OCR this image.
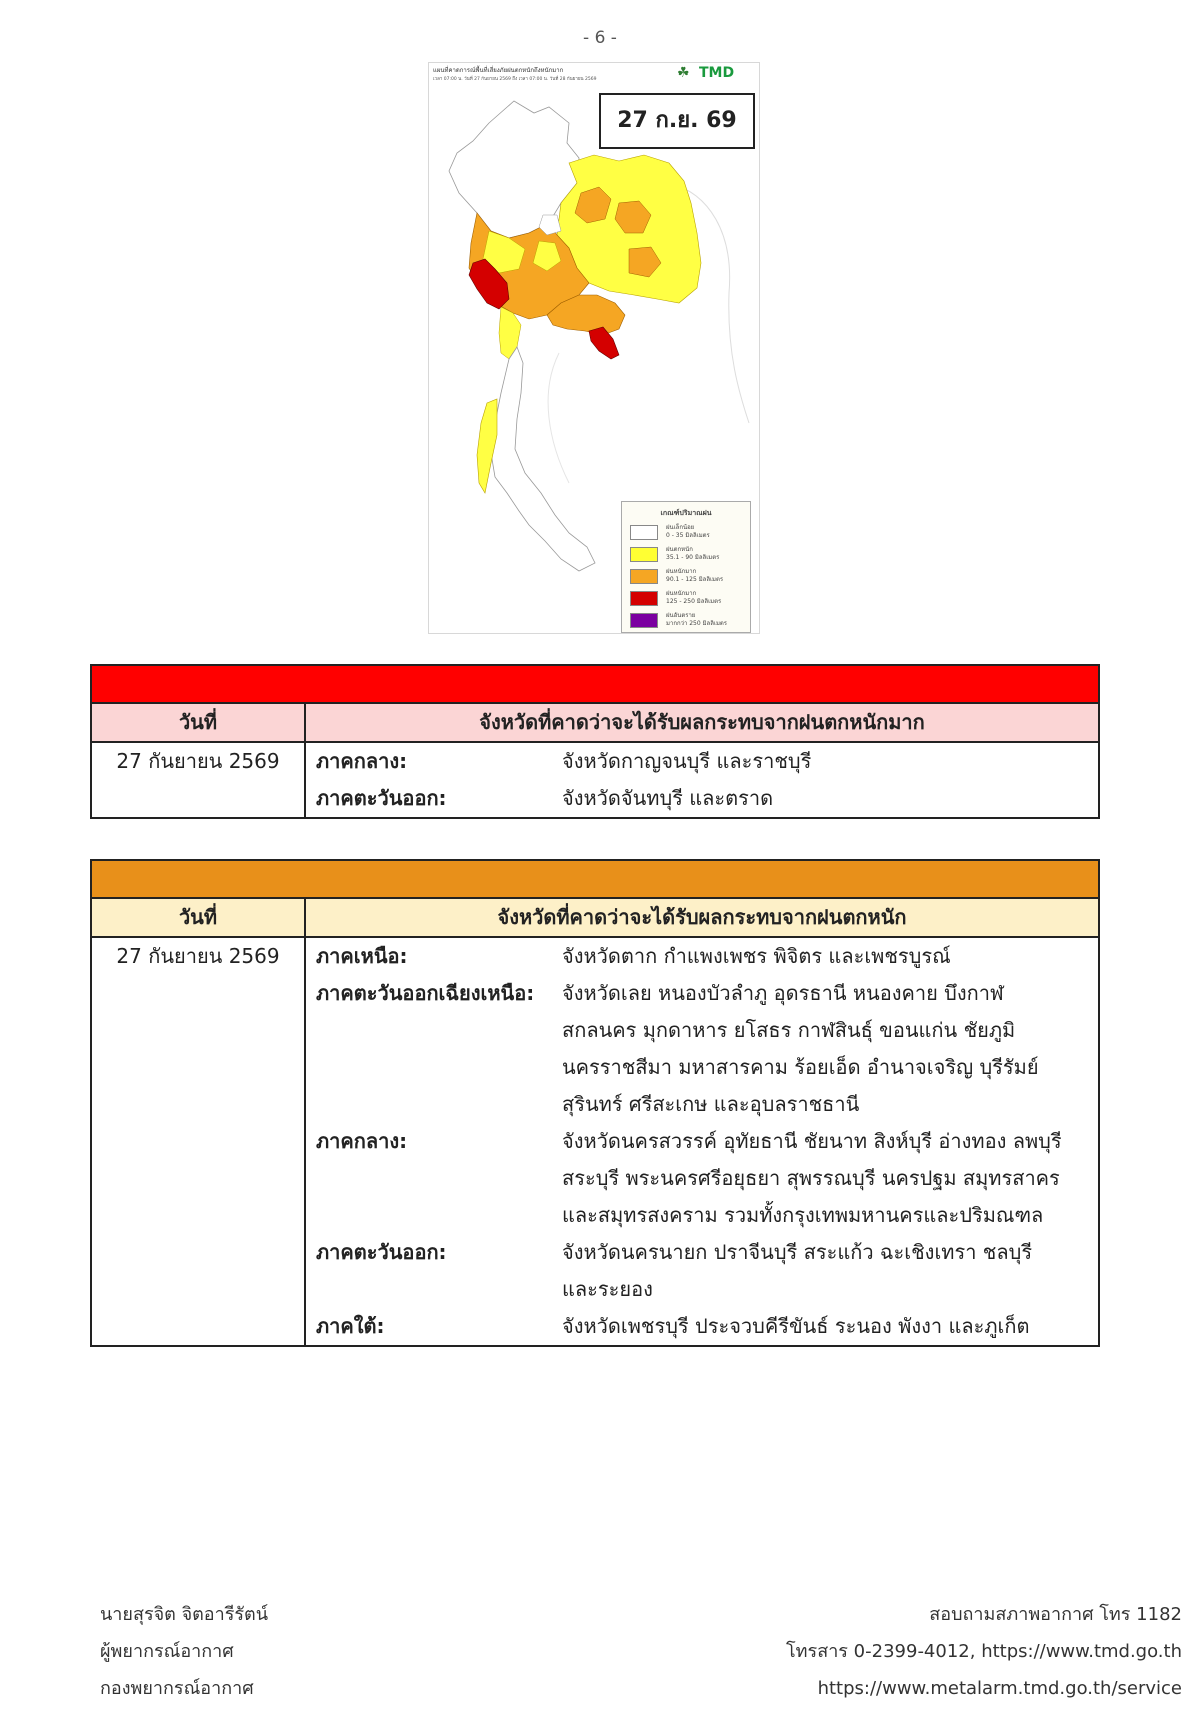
- 6 -
แผนที่คาดการณ์พื้นที่เสี่ยงภัยฝนตกหนักถึงหนักมาก
เวลา 07:00 น. วันที่ 27 กันยายน 2569 ถึง เวลา 07:00 น. วันที่ 28 กันยายน 2569	☘ TMD
27 ก.ย. 69
เกณฑ์ปริมาณฝน
ฝนเล็กน้อย
0 - 35 มิลลิเมตร
ฝนตกหนัก
35.1 - 90 มิลลิเมตร
ฝนหนักมาก
90.1 - 125 มิลลิเมตร
ฝนหนักมาก
125 - 250 มิลลิเมตร
ฝนอันตราย
มากกว่า 250 มิลลิเมตร
วันที่	จังหวัดที่คาดว่าจะได้รับผลกระทบจากฝนตกหนักมาก
27 กันยายน 2569	ภาคกลาง:	จังหวัดกาญจนบุรี และราชบุรี
ภาคตะวันออก:	จังหวัดจันทบุรี และตราด
วันที่	จังหวัดที่คาดว่าจะได้รับผลกระทบจากฝนตกหนัก
27 กันยายน 2569	ภาคเหนือ:	จังหวัดตาก กำแพงเพชร พิจิตร และเพชรบูรณ์
ภาคตะวันออกเฉียงเหนือ:	จังหวัดเลย หนองบัวลำภู อุดรธานี หนองคาย บึงกาฬ
สกลนคร มุกดาหาร ยโสธร กาฬสินธุ์ ขอนแก่น ชัยภูมิ
นครราชสีมา มหาสารคาม ร้อยเอ็ด อำนาจเจริญ บุรีรัมย์
สุรินทร์ ศรีสะเกษ และอุบลราชธานี
ภาคกลาง:	จังหวัดนครสวรรค์ อุทัยธานี ชัยนาท สิงห์บุรี อ่างทอง ลพบุรี
สระบุรี พระนครศรีอยุธยา สุพรรณบุรี นครปฐม สมุทรสาคร
และสมุทรสงคราม รวมทั้งกรุงเทพมหานครและปริมณฑล
ภาคตะวันออก:	จังหวัดนครนายก ปราจีนบุรี สระแก้ว ฉะเชิงเทรา ชลบุรี
และระยอง
ภาคใต้:	จังหวัดเพชรบุรี ประจวบคีรีขันธ์ ระนอง พังงา และภูเก็ต
นายสุรจิต จิตอารีรัตน์
ผู้พยากรณ์อากาศ
กองพยากรณ์อากาศ
สอบถามสภาพอากาศ โทร 1182
โทรสาร 0-2399-4012, https://www.tmd.go.th
https://www.metalarm.tmd.go.th/service
